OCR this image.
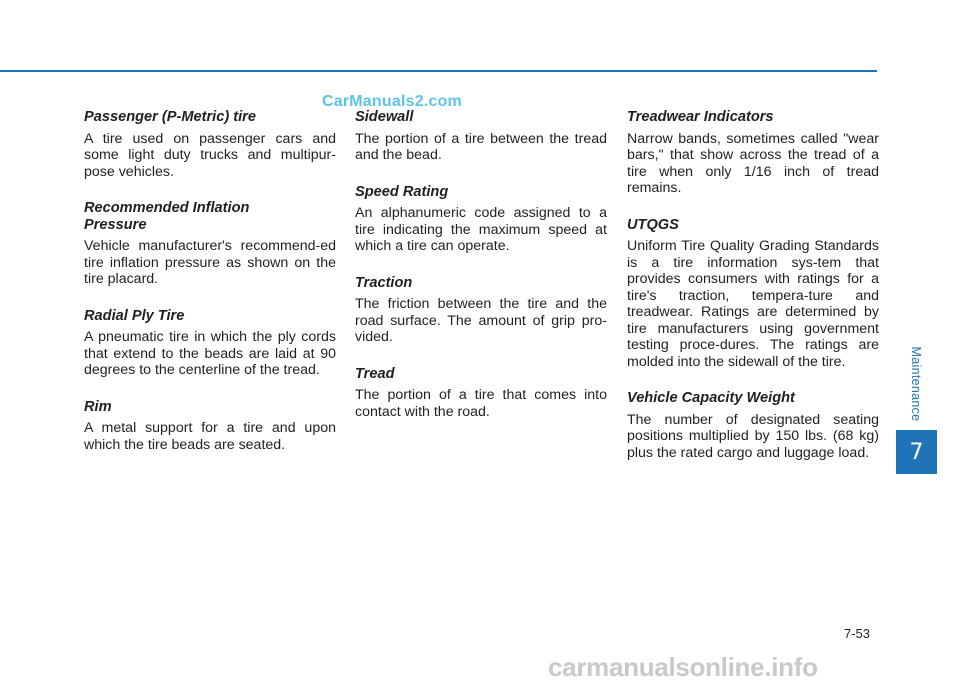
CarManuals2.com
Passenger (P-Metric) tire

A tire used on passenger cars and some light duty trucks and multipur-pose vehicles.

Recommended Inflation Pressure

Vehicle manufacturer's recommend-ed tire inflation pressure as shown on the tire placard.

Radial Ply Tire

A pneumatic tire in which the ply cords that extend to the beads are laid at 90 degrees to the centerline of the tread.

Rim

A metal support for a tire and upon which the tire beads are seated.

Sidewall

The portion of a tire between the tread and the bead.

Speed Rating

An alphanumeric code assigned to a tire indicating the maximum speed at which a tire can operate.

Traction

The friction between the tire and the road surface. The amount of grip pro-vided.

Tread

The portion of a tire that comes into contact with the road.

Treadwear Indicators

Narrow bands, sometimes called "wear bars," that show across the tread of a tire when only 1/16 inch of tread remains.

UTQGS

Uniform Tire Quality Grading Standards is a tire information sys-tem that provides consumers with ratings for a tire's traction, tempera-ture and treadwear. Ratings are determined by tire manufacturers using government testing proce-dures. The ratings are molded into the sidewall of the tire.

Vehicle Capacity Weight

The number of designated seating positions multiplied by 150 lbs. (68 kg) plus the rated cargo and luggage load.

Maintenance
7
7-53
carmanualsonline.info
